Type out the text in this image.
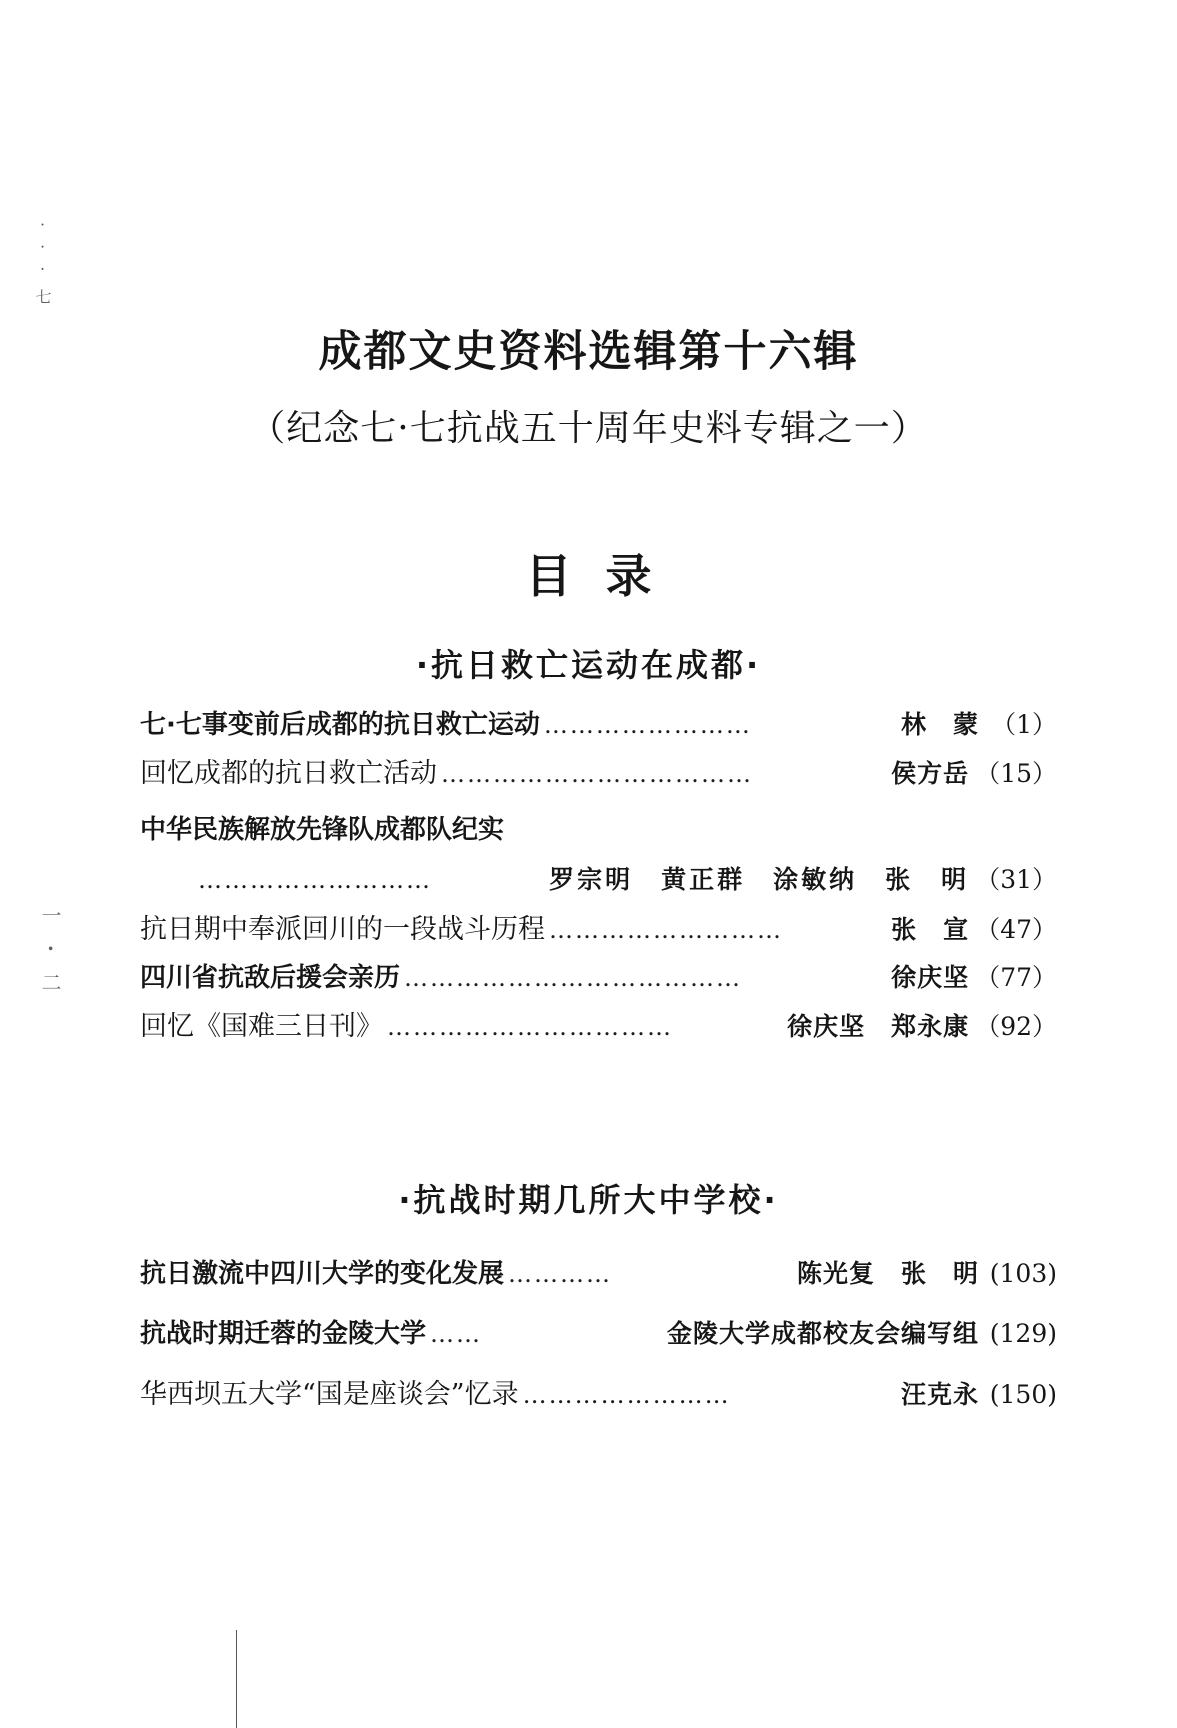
· · · 七
一 ･ 二
成都文史资料选辑第十六辑
（纪念七·七抗战五十周年史料专辑之一）
目录
·抗日救亡运动在成都·
七·七事变前后成都的抗日救亡运动 ……………………	林　蒙 （1）
回忆成都的抗日救亡活动 ………………………………	侯方岳 （15）
中华民族解放先锋队成都队纪实
………………………	罗宗明　黄正群　涂敏纳　张　明 （31）
抗日期中奉派回川的一段战斗历程 ………………………	张　宣 （47）
四川省抗敌后援会亲历 …………………………………	徐庆坚 （77）
回忆《国难三日刊》 ……………………………	徐庆坚　郑永康 （92）
·抗战时期几所大中学校·
抗日激流中四川大学的变化发展 …………	陈光复　张　明 (103)
抗战时期迁蓉的金陵大学 ……	金陵大学成都校友会编写组 (129)
华西坝五大学“国是座谈会”忆录 ……………………	汪克永 (150)
